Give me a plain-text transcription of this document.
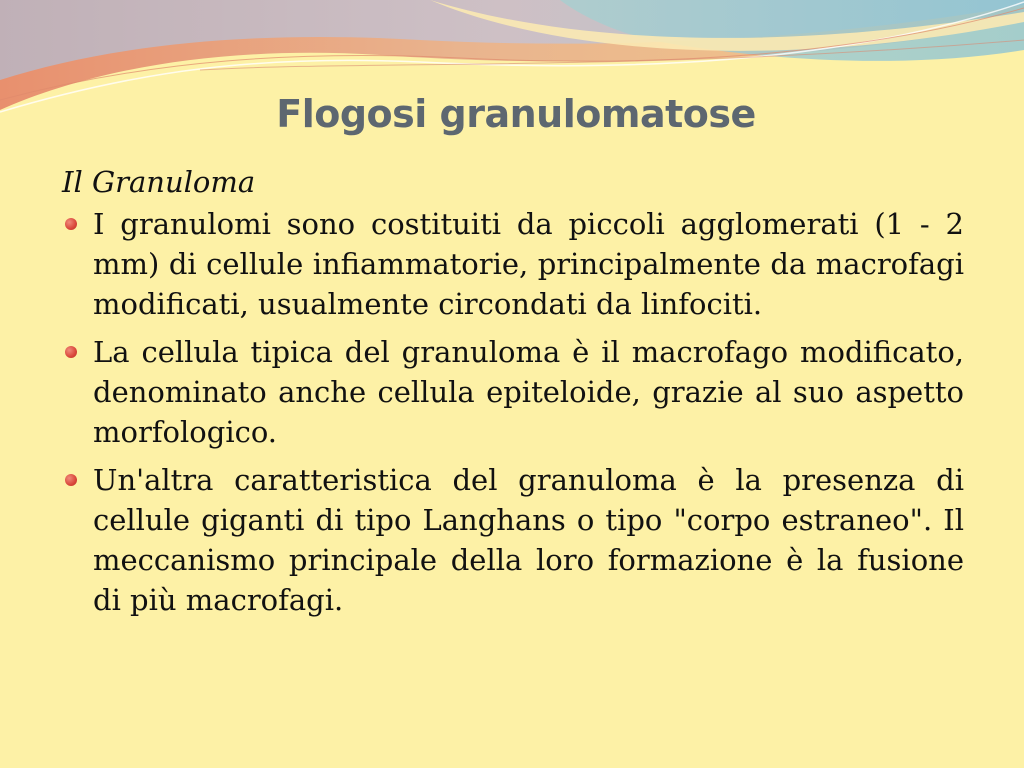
Flogosi granulomatose
Il Granuloma
I granulomi sono costituiti da piccoli agglomerati (1 - 2 mm) di cellule infiammatorie, principalmente da macrofagi modificati, usualmente circondati da linfociti.
La cellula tipica del granuloma è il macrofago modificato, denominato anche cellula epiteloide, grazie al suo aspetto morfologico.
Un'altra caratteristica del granuloma è la presenza di cellule giganti di tipo Langhans o tipo "corpo estraneo". Il meccanismo principale della loro formazione è la fusione di più macrofagi.
